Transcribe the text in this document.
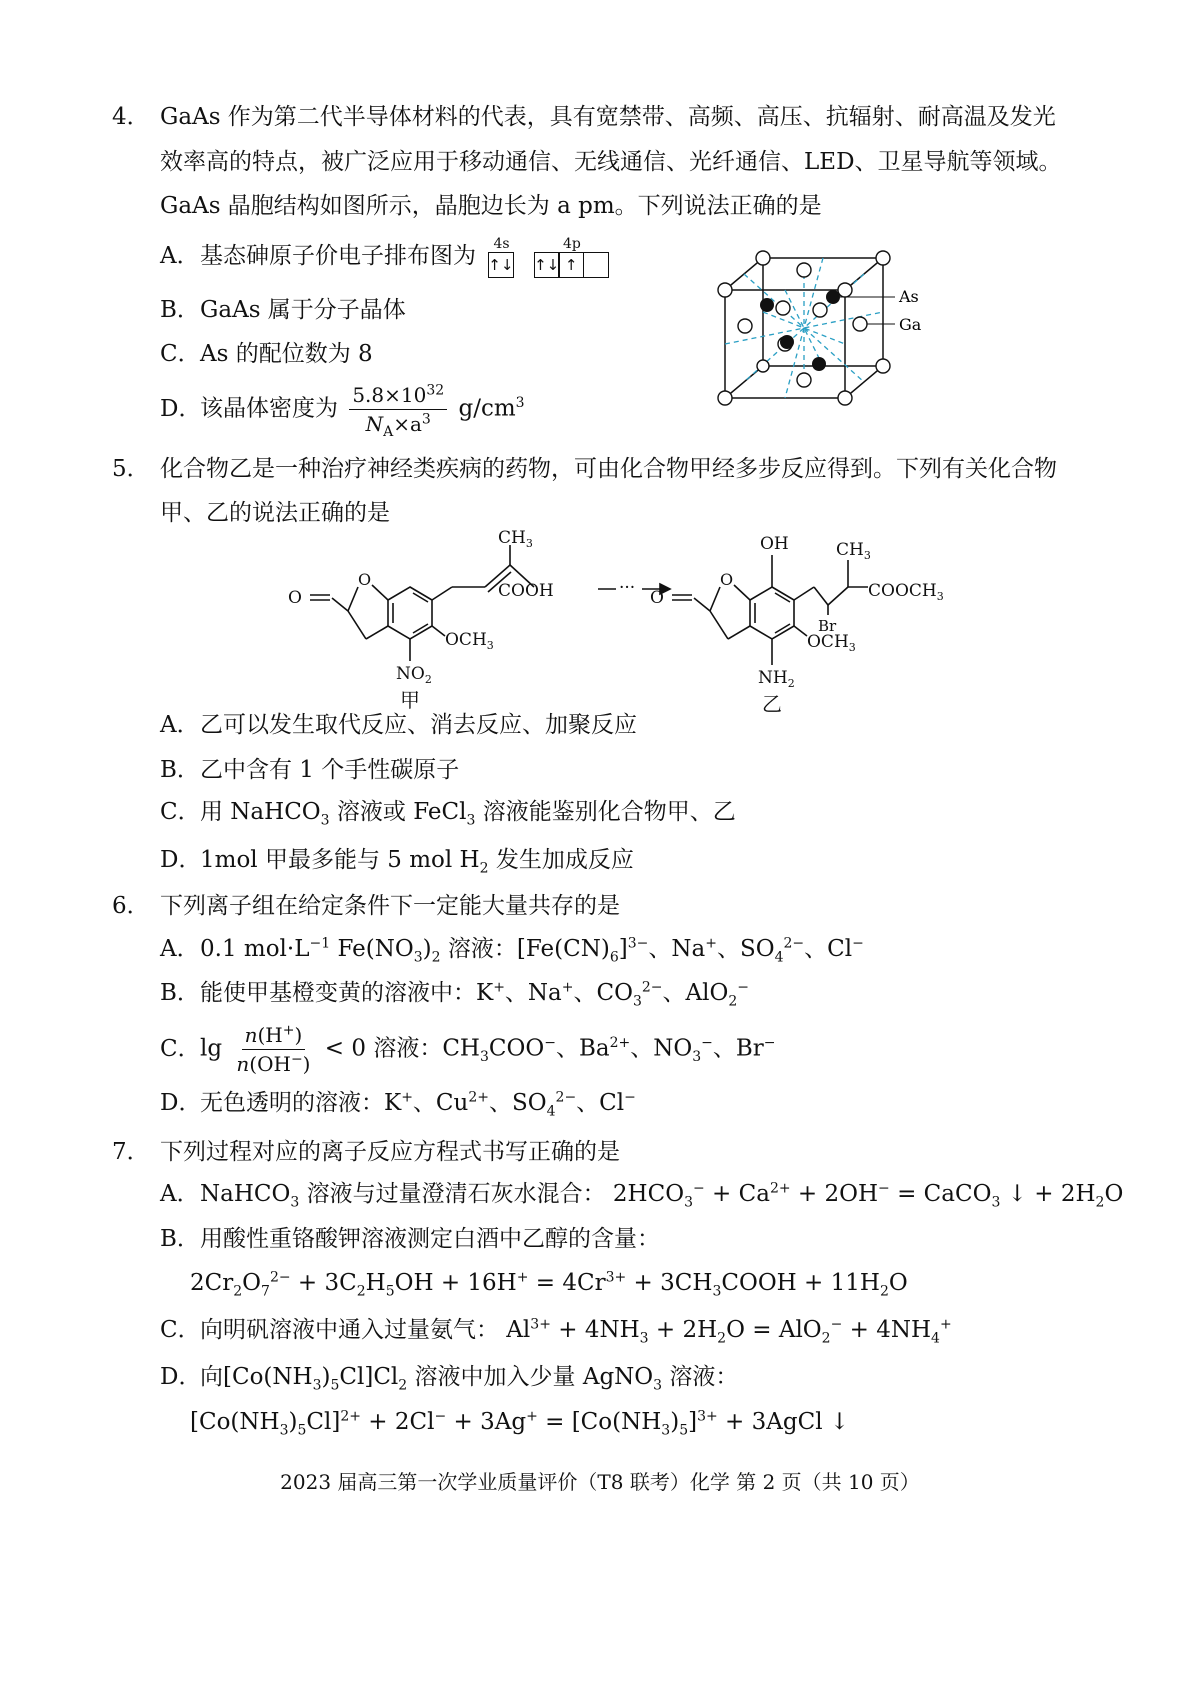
4． GaAs 作为第二代半导体材料的代表，具有宽禁带、高频、高压、抗辐射、耐高温及发光
效率高的特点，被广泛应用于移动通信、无线通信、光纤通信、LED、卫星导航等领域。
GaAs 晶胞结构如图所示，晶胞边长为 a pm。下列说法正确的是
A．基态砷原子价电子排布图为 4s
↑↓

4p
↑↓ ↑
B．GaAs 属于分子晶体
C．As 的配位数为 8
D．该晶体密度为 $\frac{5.8\times 10^{32}}{N_A\times a^3} g/cm^3$
As
Ga
5． 化合物乙是一种治疗神经类疾病的药物，可由化合物甲经多步反应得到。下列有关化合物
甲、乙的说法正确的是
O
O
$CH_3$
COOH
$OCH_3$
$NO_2$
甲
··· O
O
OH	$CH_3$
Br
$COOCH_3$
$OCH_3$
$NH_2$
乙
A．乙可以发生取代反应、消去反应、加聚反应
B．乙中含有 1 个手性碳原子
C．用 NaHCO$_3$ 溶液或 FeCl$_3$ 溶液能鉴别化合物甲、乙
D．1mol 甲最多能与 5 mol $H_2$ 发生加成反应
6． 下列离子组在给定条件下一定能大量共存的是
A．0.1 $mol\cdot L^{-1}$ $Fe(NO_3)_2$ 溶液：$[Fe(CN)_6]^{3-}$、Na+、$SO_4^{2-}$、Cl−
B．能使甲基橙变黄的溶液中：K+、Na+、$CO_3^{2-}$、AlO$_2$−
C．$\lg \frac{n(H^+)}{n(OH^-)} < 0$ 溶液：$CH_3COO^-$、$Ba^{2+}$、$NO_3^-$、Br−
D．无色透明的溶液：K+、$Cu^{2+}$、$SO_4^{2-}$、Cl−
7． 下列过程对应的离子反应方程式书写正确的是
A．NaHCO$_3$ 溶液与过量澄清石灰水混合： $2HCO_3^- + Ca^{2+} + 2OH^-$ = CaCO$_3$ ↓ + $2H_2O$
B．用酸性重铬酸钾溶液测定白酒中乙醇的含量：
$2Cr_2O_7^{2-} + 3C_2H_5OH + 16H^+ = 4Cr^{3+}$ + $3CH_3COOH + 11H_2O$
C．向明矾溶液中通入过量氨气： $Al^{3+} + 4NH_3 + 2H_2O = AlO_2^- + 4NH_4^+$
D．向$[Co(NH_3)_5Cl]Cl_2$ 溶液中加入少量 AgNO$_3$ 溶液：
$[Co(NH_3)_5Cl]^{2+} + 2Cl^- + 3Ag^+ = [Co(NH_3)_5]^{3+}$ + 3AgCl ↓
2023 届高三第一次学业质量评价（T8 联考）化学 第 2 页（共 10 页）
